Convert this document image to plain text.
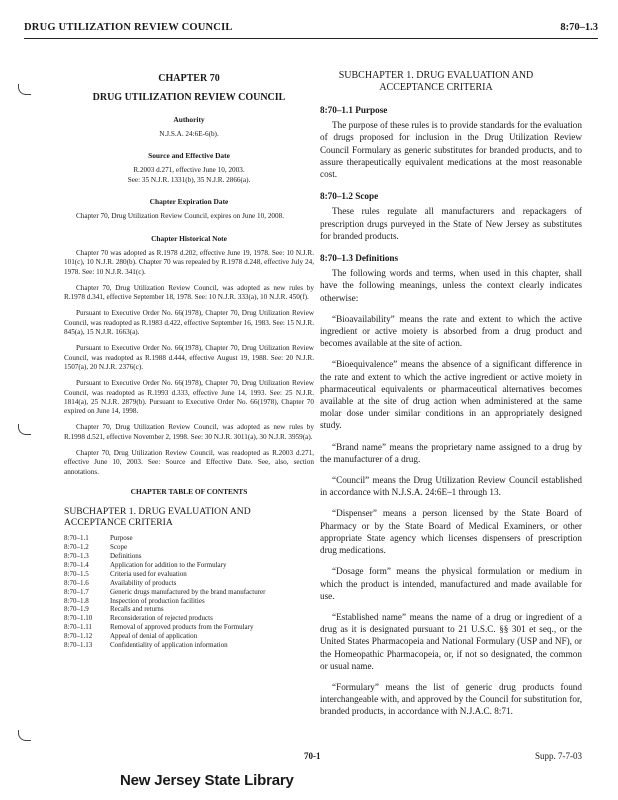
DRUG UTILIZATION REVIEW COUNCIL	8:70–1.3
CHAPTER 70
DRUG UTILIZATION REVIEW COUNCIL
Authority

N.J.S.A. 24:6E-6(b).

Source and Effective Date

R.2003 d.271, effective June 10, 2003.

See: 35 N.J.R. 1331(b), 35 N.J.R. 2866(a).

Chapter Expiration Date

Chapter 70, Drug Utilization Review Council, expires on June 10, 2008.

Chapter Historical Note

Chapter 70 was adopted as R.1978 d.202, effective June 19, 1978. See: 10 N.J.R. 101(c), 10 N.J.R. 280(b). Chapter 70 was repealed by R.1978 d.248, effective July 24, 1978. See: 10 N.J.R. 341(c).

Chapter 70, Drug Utilization Review Council, was adopted as new rules by R.1978 d.341, effective September 18, 1978. See: 10 N.J.R. 333(a), 10 N.J.R. 450(f).

Pursuant to Executive Order No. 66(1978), Chapter 70, Drug Utilization Review Council, was readopted as R.1983 d.422, effective September 16, 1983. See: 15 N.J.R. 845(a), 15 N.J.R. 1663(a).

Pursuant to Executive Order No. 66(1978), Chapter 70, Drug Utilization Review Council, was readopted as R.1988 d.444, effective August 19, 1988. See: 20 N.J.R. 1507(a), 20 N.J.R. 2376(c).

Pursuant to Executive Order No. 66(1978), Chapter 70, Drug Utilization Review Council, was readopted as R.1993 d.333, effective June 14, 1993. See: 25 N.J.R. 1814(a), 25 N.J.R. 2879(b). Pursuant to Executive Order No. 66(1978), Chapter 70 expired on June 14, 1998.

Chapter 70, Drug Utilization Review Council, was adopted as new rules by R.1998 d.521, effective November 2, 1998. See: 30 N.J.R. 3011(a), 30 N.J.R. 3959(a).

Chapter 70, Drug Utilization Review Council, was readopted as R.2003 d.271, effective June 10, 2003. See: Source and Effective Date. See, also, section annotations.

CHAPTER TABLE OF CONTENTS
SUBCHAPTER 1. DRUG EVALUATION AND ACCEPTANCE CRITERIA
8:70–1.1	Purpose
8:70–1.2	Scope
8:70–1.3	Definitions
8:70–1.4	Application for addition to the Formulary
8:70–1.5	Criteria used for evaluation
8:70–1.6	Availability of products
8:70–1.7	Generic drugs manufactured by the brand manufacturer
8:70–1.8	Inspection of production facilities
8:70–1.9	Recalls and returns
8:70–1.10	Reconsideration of rejected products
8:70–1.11	Removal of approved products from the Formulary
8:70–1.12	Appeal of denial of application
8:70–1.13	Confidentiality of application information
SUBCHAPTER 1. DRUG EVALUATION AND ACCEPTANCE CRITERIA
8:70–1.1 Purpose

The purpose of these rules is to provide standards for the evaluation of drugs proposed for inclusion in the Drug Utilization Review Council Formulary as generic substitutes for branded products, and to assure therapeutically equivalent medications at the most reasonable cost.

8:70–1.2 Scope

These rules regulate all manufacturers and repackagers of prescription drugs purveyed in the State of New Jersey as substitutes for branded products.

8:70–1.3 Definitions

The following words and terms, when used in this chapter, shall have the following meanings, unless the context clearly indicates otherwise:

“Bioavailability” means the rate and extent to which the active ingredient or active moiety is absorbed from a drug product and becomes available at the site of action.

“Bioequivalence” means the absence of a significant difference in the rate and extent to which the active ingredient or active moiety in pharmaceutical equivalents or pharmaceutical alternatives becomes available at the site of drug action when administered at the same molar dose under similar conditions in an appropriately designed study.

“Brand name” means the proprietary name assigned to a drug by the manufacturer of a drug.

“Council” means the Drug Utilization Review Council established in accordance with N.J.S.A. 24:6E–1 through 13.

“Dispenser” means a person licensed by the State Board of Pharmacy or by the State Board of Medical Examiners, or other appropriate State agency which licenses dispensers of prescription drug medications.

“Dosage form” means the physical formulation or medium in which the product is intended, manufactured and made available for use.

“Established name” means the name of a drug or ingredient of a drug as it is designated pursuant to 21 U.S.C. §§ 301 et seq., or the United States Pharmacopeia and National Formulary (USP and NF), or the Homeopathic Pharmacopeia, or, if not so designated, the common or usual name.

“Formulary” means the list of generic drug products found interchangeable with, and approved by the Council for substitution for, branded products, in accordance with N.J.A.C. 8:71.

70-1	Supp. 7-7-03
New Jersey State Library
